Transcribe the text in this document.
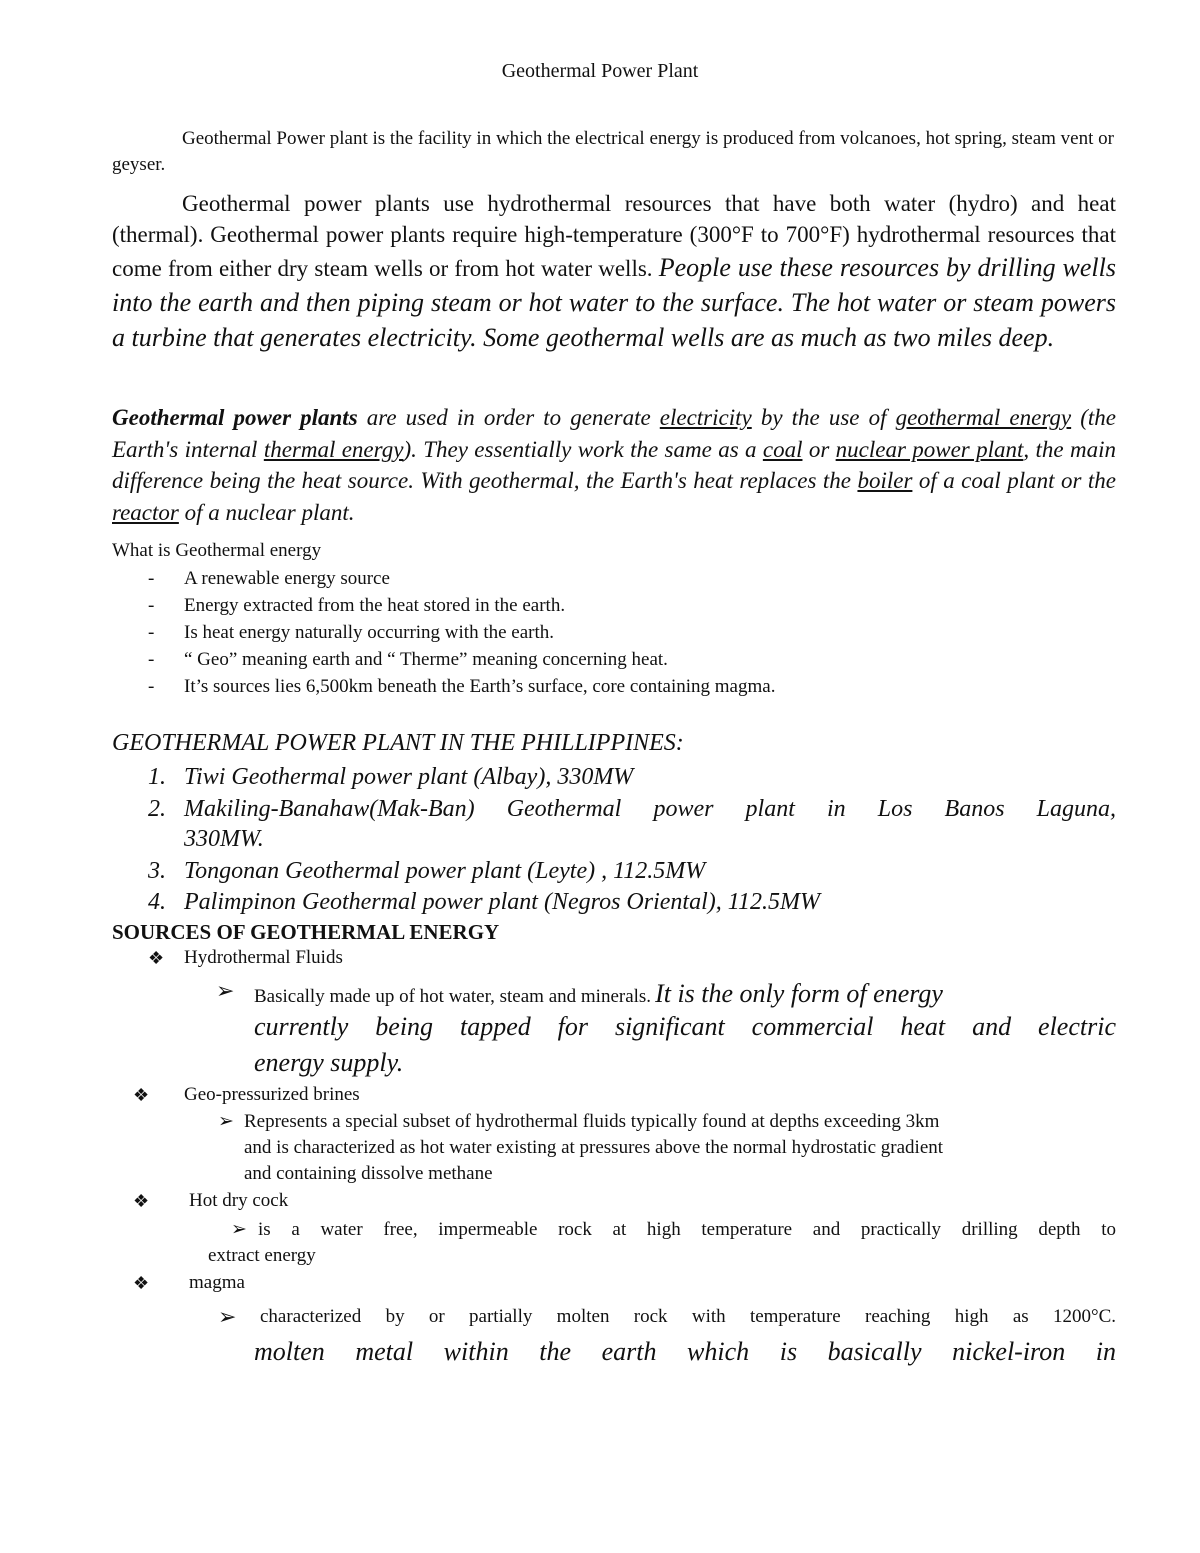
Geothermal Power Plant
Geothermal Power plant is the facility in which the electrical energy is produced from volcanoes, hot spring, steam vent or geyser.
Geothermal power plants use hydrothermal resources that have both water (hydro) and heat (thermal). Geothermal power plants require high-temperature (300°F to 700°F) hydrothermal resources that come from either dry steam wells or from hot water wells. People use these resources by drilling wells into the earth and then piping steam or hot water to the surface. The hot water or steam powers a turbine that generates electricity. Some geothermal wells are as much as two miles deep.
Geothermal power plants are used in order to generate electricity by the use of geothermal energy (the Earth's internal thermal energy). They essentially work the same as a coal or nuclear power plant, the main difference being the heat source. With geothermal, the Earth's heat replaces the boiler of a coal plant or the reactor of a nuclear plant.
What is Geothermal energy
- A renewable energy source
- Energy extracted from the heat stored in the earth.
- Is heat energy naturally occurring with the earth.
- “ Geo” meaning earth and “ Therme” meaning concerning heat.
- It’s sources lies 6,500km beneath the Earth’s surface, core containing magma.
GEOTHERMAL POWER PLANT IN THE PHILLIPPINES:
1. Tiwi Geothermal power plant (Albay), 330MW
2. Makiling-Banahaw(Mak-Ban) Geothermal power plant in Los Banos Laguna,
330MW.
3. Tongonan Geothermal power plant (Leyte) , 112.5MW
4. Palimpinon Geothermal power plant (Negros Oriental), 112.5MW
SOURCES OF GEOTHERMAL ENERGY
❖ Hydrothermal Fluids
➢ Basically made up of hot water, steam and minerals. It is the only form of energy
currently being tapped for significant commercial heat and electric
energy supply.
❖ Geo-pressurized brines
➢ Represents a special subset of hydrothermal fluids typically found at depths exceeding 3km
and is characterized as hot water existing at pressures above the normal hydrostatic gradient
and containing dissolve methane
❖ Hot dry cock
➢ is a water free, impermeable rock at high temperature and practically drilling depth to
extract energy
❖ magma
➢ characterized by or partially molten rock with temperature reaching high as 1200°C.
molten metal within the earth which is basically nickel-iron in
